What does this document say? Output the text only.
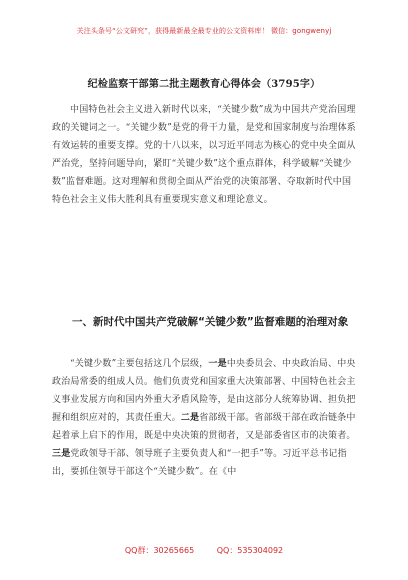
关注头条号“公文研究”，获得最新最全最专业的公文资料库！ 微信：gongwenyj
纪检监察干部第二批主题教育心得体会（3795字）
中国特色社会主义进入新时代以来，“关键少数”成为中国共产党治国理政的关键词之一。“关键少数”是党的骨干力量，是党和国家制度与治理体系有效运转的重要支撑。党的十八以来，以习近平同志为核心的党中央全面从严治党，坚持问题导向，紧盯“关键少数”这个重点群体，科学破解“关键少数”监督难题。这对理解和贯彻全面从严治党的决策部署、夺取新时代中国特色社会主义伟大胜利具有重要现实意义和理论意义。
一、新时代中国共产党破解“关键少数”监督难题的治理对象
“关键少数”主要包括这几个层级，一是中央委员会、中央政治局、中央政治局常委的组成人员。他们负责党和国家重大决策部署、中国特色社会主义事业发展方向和国内外重大矛盾风险等，是由这部分人统筹协调、担负把握和组织应对的，其责任重大。二是省部级干部。省部级干部在政治链条中起着承上启下的作用，既是中央决策的贯彻者，又是部委省区市的决策者。三是党政领导干部、领导班子主要负责人和“一把手”等。习近平总书记指出，要抓住领导干部这个“关键少数”。在《中
QQ群：30265665	QQ：535304092
